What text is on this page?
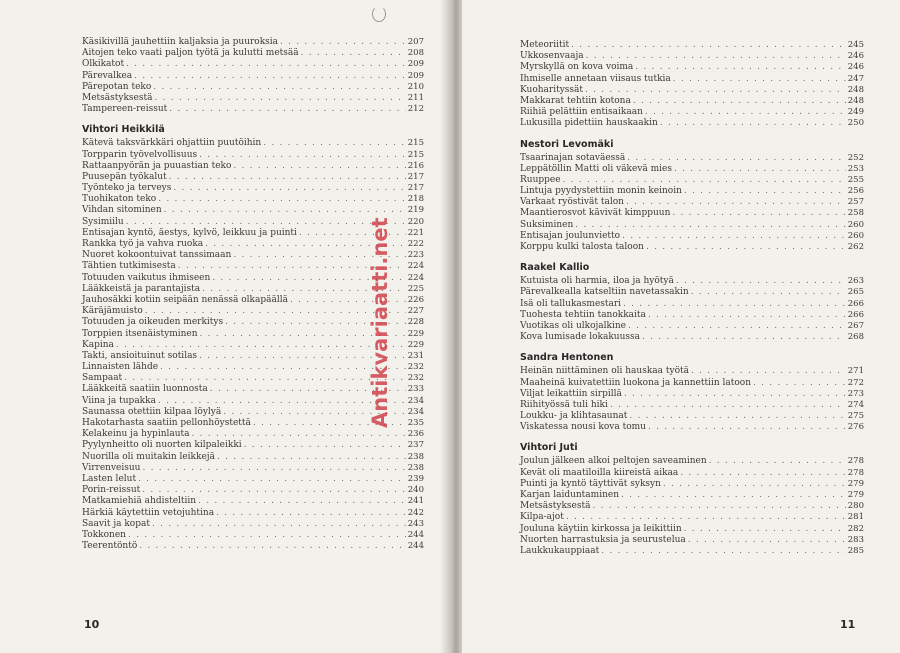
Käsikivillä jauhettiin kaljaksia ja puuroksia . . .	207
Aitojen teko vaati paljon työtä ja kulutti metsää . . .	208
Olkikatot . . .	209
Pärevalkea . . .	209
Pärepotan teko . . .	210
Metsästyksestä . . .	211
Tampereen-reissut . . .	212
Vihtori Heikkilä
Kätevä taksvärkkäri ohjattiin puutöihin . . .	215
Torpparin työvelvollisuus . . .	215
Rattaanpyörän ja puuastian teko . . .	216
Puusepän työkalut . . .	217
Työnteko ja terveys . . .	217
Tuohikaton teko . . .	218
Vihdan sitominen . . .	219
Sysimiilu . . .	220
Entisajan kyntö, äestys, kylvö, leikkuu ja puinti . . .	221
Rankka työ ja vahva ruoka . . .	222
Nuoret kokoontuivat tanssimaan . . .	223
Tähtien tutkimisesta . . .	224
Totuuden vaikutus ihmiseen . . .	224
Lääkkeistä ja parantajista . . .	225
Jauhosäkki kotiin seipään nenässä olkapäällä . . .	226
Käräjämuisto . . .	227
Totuuden ja oikeuden merkitys . . .	228
Torppien itsenäistyminen . . .	229
Kapina . . .	229
Takti, ansioituinut sotilas . . .	231
Linnaisten lähde . . .	232
Sampaat . . .	232
Lääkkeitä saatiin luonnosta . . .	233
Viina ja tupakka . . .	234
Saunassa otettiin kilpaa löylyä . . .	234
Hakotarhasta saatiin pellonhöystettä . . .	235
Kelakeinu ja hypinlauta . . .	236
Pyylynheitto oli nuorten kilpaleikki . . .	237
Nuorilla oli muitakin leikkejä . . .	238
Virrenveisuu . . .	238
Lasten lelut . . .	239
Porin-reissut . . .	240
Matkamiehiä ahdisteltiin . . .	241
Härkiä käytettiin vetojuhtina . . .	242
Saavit ja kopat . . .	243
Tokkonen . . .	244
Teerentöntö . . .	244
10
Meteoriitit . . .	245
Ukkosenvaaja . . .	246
Myrskyllä on kova voima . . .	246
Ihmiselle annetaan viisaus tutkia . . .	247
Kuoharityssät . . .	248
Makkarat tehtiin kotona . . .	248
Riihiä pelättiin entisaikaan . . .	249
Lukusilla pidettiin hauskaakin . . .	250
Nestori Levomäki
Tsaarinajan sotaväessä . . .	252
Leppätöllin Matti oli väkevä mies . . .	253
Ruuppee . . .	255
Lintuja pyydystettiin monin keinoin . . .	256
Varkaat ryöstivät talon . . .	257
Maantierosvot kävivät kimppuun . . .	258
Suksiminen . . .	260
Entisajan joulunvietto . . .	260
Korppu kulki talosta taloon . . .	262
Raakel Kallio
Kutuista oli harmia, iloa ja hyötyä . . .	263
Pärevalkealla katseltiin navetassakin . . .	265
Isä oli tallukasmestari . . .	266
Tuohesta tehtiin tanokkaita . . .	266
Vuotikas oli ulkojalkine . . .	267
Kova lumisade lokakuussa . . .	268
Sandra Hentonen
Heinän niittäminen oli hauskaa työtä . . .	271
Maaheinä kuivatettiin luokona ja kannettiin latoon . . .	272
Viljat leikattiin sirpillä . . .	273
Riihityössä tuli hiki . . .	274
Loukku- ja klihtasaunat . . .	275
Viskatessa nousi kova tomu . . .	276
Vihtori Juti
Joulun jälkeen alkoi peltojen saveaminen . . .	278
Kevät oli maatiloilla kiireistä aikaa . . .	278
Puinti ja kyntö täyttivät syksyn . . .	279
Karjan laiduntaminen . . .	279
Metsästyksestä . . .	280
Kilpa-ajot . . .	281
Jouluna käytiin kirkossa ja leikittiin . . .	282
Nuorten harrastuksia ja seurustelua . . .	283
Laukkukauppiaat . . .	285
11
Antikvariaatti.net
